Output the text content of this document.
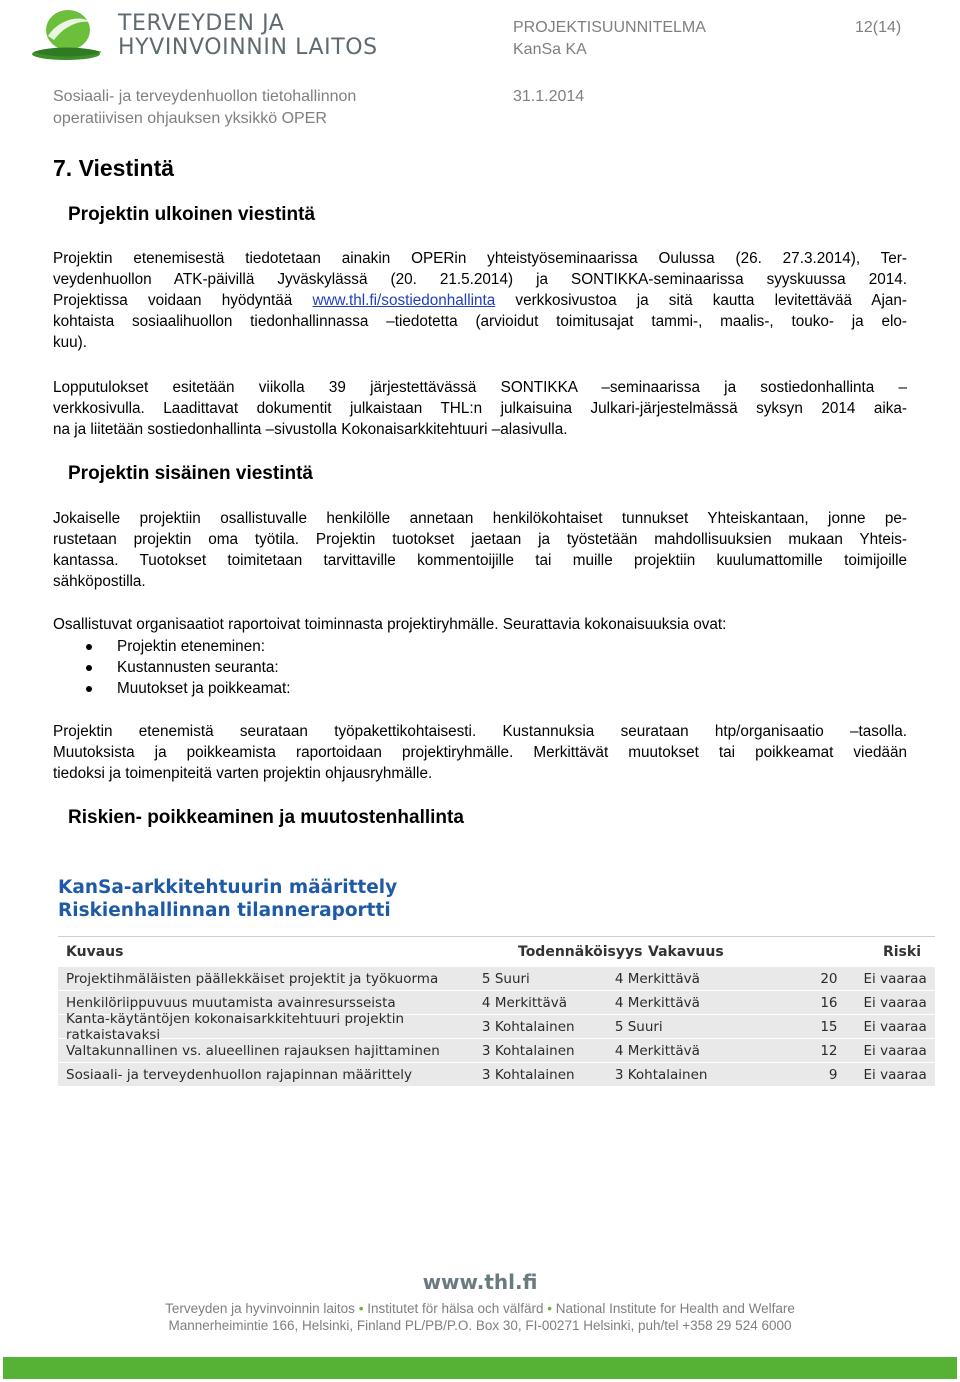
TERVEYDEN JA
HYVINVOINNIN LAITOS
PROJEKTISUUNNITELMA	12(14)
KanSa KA
Sosiaali- ja terveydenhuollon tietohallinnon	31.1.2014
operatiivisen ohjauksen yksikkö OPER
7. Viestintä
Projektin ulkoinen viestintä
Projektin etenemisestä tiedotetaan ainakin OPERin yhteistyöseminaarissa Oulussa (26. 27.3.2014), Ter-
veydenhuollon ATK-päivillä Jyväskylässä (20. 21.5.2014) ja SONTIKKA-seminaarissa syyskuussa 2014.
Projektissa voidaan hyödyntää www.thl.fi/sostiedonhallinta verkkosivustoa ja sitä kautta levitettävää Ajan-
kohtaista sosiaalihuollon tiedonhallinnassa –tiedotetta (arvioidut toimitusajat tammi-, maalis-, touko- ja elo-
kuu).
Lopputulokset esitetään viikolla 39 järjestettävässä SONTIKKA –seminaarissa ja sostiedonhallinta –
verkkosivulla. Laadittavat dokumentit julkaistaan THL:n julkaisuina Julkari-järjestelmässä syksyn 2014 aika-
na ja liitetään sostiedonhallinta –sivustolla Kokonaisarkkitehtuuri –alasivulla.
Projektin sisäinen viestintä
Jokaiselle projektiin osallistuvalle henkilölle annetaan henkilökohtaiset tunnukset Yhteiskantaan, jonne pe-
rustetaan projektin oma työtila. Projektin tuotokset jaetaan ja työstetään mahdollisuuksien mukaan Yhteis-
kantassa. Tuotokset toimitetaan tarvittaville kommentoijille tai muille projektiin kuulumattomille toimijoille
sähköpostilla.
Osallistuvat organisaatiot raportoivat toiminnasta projektiryhmälle. Seurattavia kokonaisuuksia ovat:
Projektin eteneminen:
Kustannusten seuranta:
Muutokset ja poikkeamat:
Projektin etenemistä seurataan työpakettikohtaisesti. Kustannuksia seurataan htp/organisaatio –tasolla.
Muutoksista ja poikkeamista raportoidaan projektiryhmälle. Merkittävät muutokset tai poikkeamat viedään
tiedoksi ja toimenpiteitä varten projektin ohjausryhmälle.
Riskien- poikkeaminen ja muutostenhallinta
KanSa-arkkitehtuurin määrittely
Riskienhallinnan tilanneraportti
Kuvaus	Todennäköisyys Vakavuus	Riski
Projektihmäläisten päällekkäiset projektit ja työkuorma	5 Suuri	4 Merkittävä	20	Ei vaaraa
Henkilöriippuvuus muutamista avainresursseista	4 Merkittävä	4 Merkittävä	16	Ei vaaraa
Kanta-käytäntöjen kokonaisarkkitehtuuri projektin ratkaistavaksi	3 Kohtalainen	5 Suuri	15	Ei vaaraa
Valtakunnallinen vs. alueellinen rajauksen hajittaminen	3 Kohtalainen	4 Merkittävä	12	Ei vaaraa
Sosiaali- ja terveydenhuollon rajapinnan määrittely	3 Kohtalainen	3 Kohtalainen	9	Ei vaaraa
www.thl.fi
Terveyden ja hyvinvoinnin laitos • Institutet för hälsa och välfärd • National Institute for Health and Welfare
Mannerheimintie 166, Helsinki, Finland PL/PB/P.O. Box 30, FI-00271 Helsinki, puh/tel +358 29 524 6000
